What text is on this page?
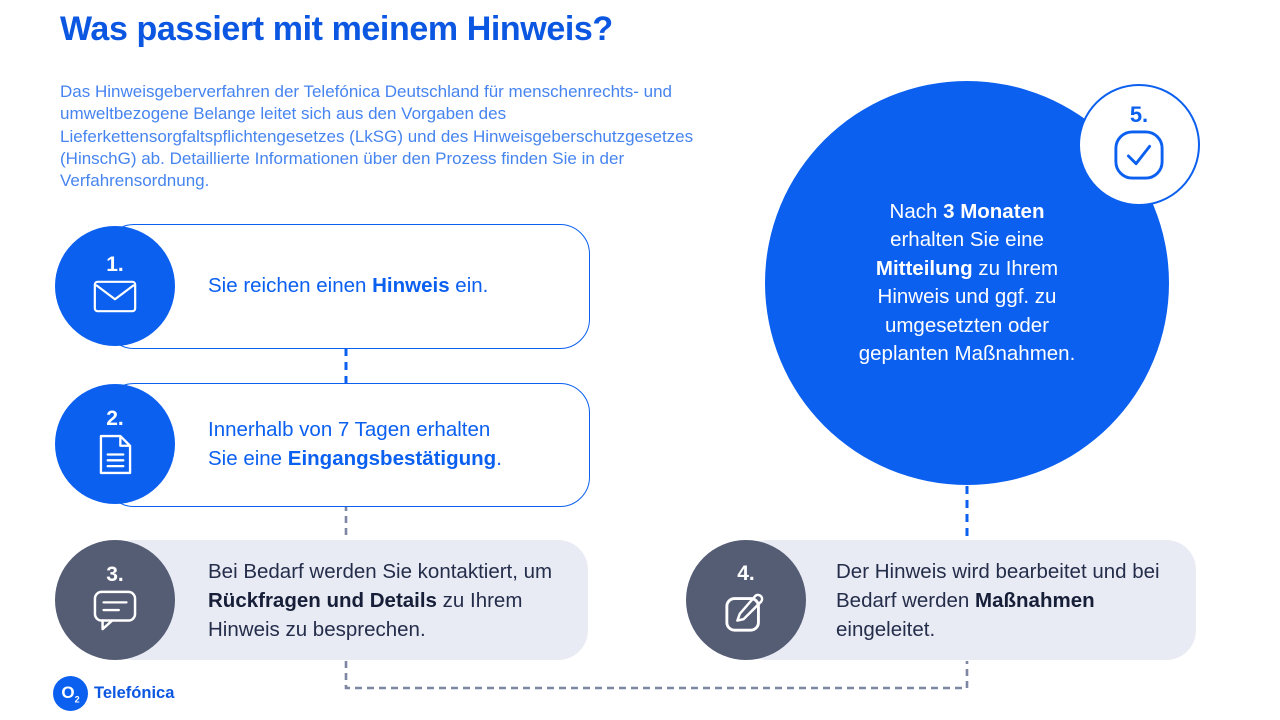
Was passiert mit meinem Hinweis?
Das Hinweisgeberverfahren der Telefónica Deutschland für menschenrechts- und
umweltbezogene Belange leitet sich aus den Vorgaben des
Lieferkettensorgfaltspflichtengesetzes (LkSG) und des Hinweisgeberschutzgesetzes
(HinschG) ab. Detaillierte Informationen über den Prozess finden Sie in der
Verfahrensordnung.
1.
Sie reichen einen Hinweis ein.
2.	Innerhalb von 7 Tagen erhalten
Sie eine Eingangsbestätigung.
3.	Bei Bedarf werden Sie kontaktiert, um
Rückfragen und Details zu Ihrem
Hinweis zu besprechen.
4.	Der Hinweis wird bearbeitet und bei
Bedarf werden Maßnahmen
eingeleitet.
Nach 3 Monaten
erhalten Sie eine
Mitteilung zu Ihrem
Hinweis und ggf. zu
umgesetzten oder
geplanten Maßnahmen.
5.
$O_2$ Telefónica
